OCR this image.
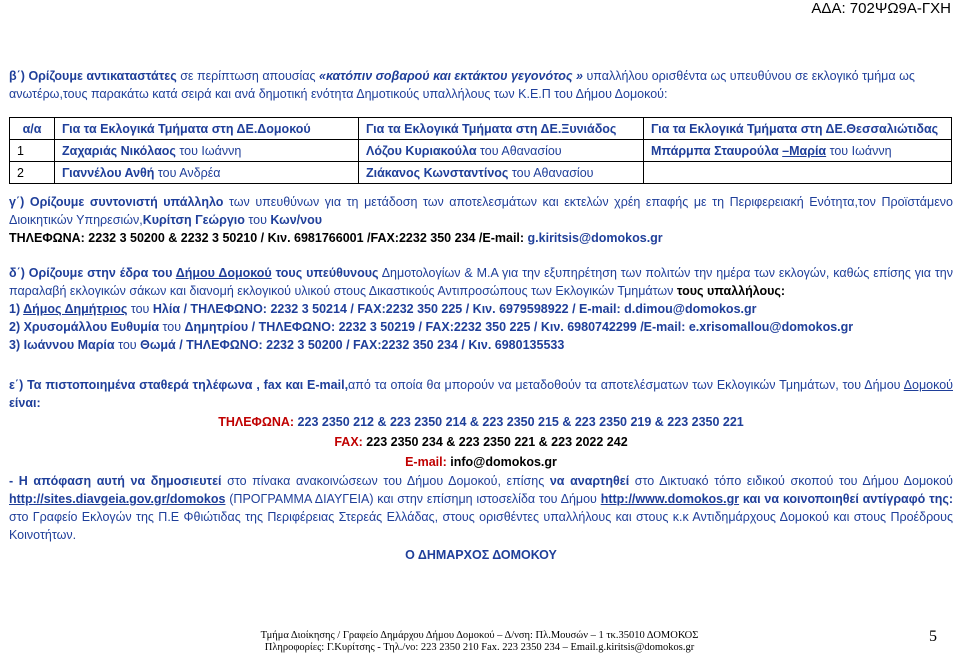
ΑΔΑ: 702ΨΩ9Α-ΓΧΗ

β΄) Ορίζουμε αντικαταστάτες σε περίπτωση απουσίας «κατόπιν σοβαρού και εκτάκτου γεγονότος » υπαλλήλου ορισθέντα ως υπευθύνου σε εκλογικό τμήμα ως ανωτέρω,τους παρακάτω κατά σειρά και ανά δημοτική ενότητα Δημοτικούς υπαλλήλους των Κ.Ε.Π του Δήμου Δομοκού:

α/α	Για τα Εκλογικά Τμήματα στη ΔΕ.Δομοκού	Για τα Εκλογικά Τμήματα στη ΔΕ.Ξυνιάδος	Για τα Εκλογικά Τμήματα στη ΔΕ.Θεσσαλιώτιδας
1	Ζαχαριάς Νικόλαος του Ιωάννη	Λόζου Κυριακούλα του Αθανασίου	Μπάρμπα Σταυρούλα –Μαρία του Ιωάννη
2	Γιαννέλου Ανθή του Ανδρέα	Ζιάκανος Κωνσταντίνος του Αθανασίου	

γ΄) Ορίζουμε συντονιστή υπάλληλο των υπευθύνων για τη μετάδοση των αποτελεσμάτων και εκτελών χρέη επαφής με τη Περιφερειακή Ενότητα,τον Προϊστάμενο Διοικητικών Υπηρεσιών,Κυρίτση Γεώργιο του Κων/νου
ΤΗΛΕΦΩΝΑ: 2232 3 50200 & 2232 3 50210 / Κιν. 6981766001 /FAX:2232 350 234 /E-mail: g.kiritsis@domokos.gr

δ΄) Ορίζουμε στην έδρα του Δήμου Δομοκού τους υπεύθυνους Δημοτολογίων & Μ.Α για την εξυπηρέτηση των πολιτών την ημέρα των εκλογών, καθώς επίσης για την παραλαβή εκλογικών σάκων και διανομή εκλογικού υλικού στους Δικαστικούς Αντιπροσώπους των Εκλογικών Τμημάτων τους υπαλλήλους:
1) Δήμος Δημήτριος του Ηλία / ΤΗΛΕΦΩΝΟ: 2232 3 50214 / FAX:2232 350 225 / Κιν. 6979598922 / E-mail: d.dimou@domokos.gr
2) Χρυσομάλλου Ευθυμία του Δημητρίου / ΤΗΛΕΦΩΝΟ: 2232 3 50219 / FAX:2232 350 225 / Κιν. 6980742299 /E-mail: e.xrisomallou@domokos.gr
3) Ιωάννου Μαρία του Θωμά / ΤΗΛΕΦΩΝΟ: 2232 3 50200 / FAX:2232 350 234 / Κιν. 6980135533

ε΄) Τα πιστοποιημένα σταθερά τηλέφωνα , fax και E-mail,από τα οποία θα μπορούν να μεταδοθούν τα αποτελέσματων των Εκλογικών Τμημάτων, του Δήμου Δομοκού είναι:

ΤΗΛΕΦΩΝΑ: 223 2350 212 & 223 2350 214 & 223 2350 215 & 223 2350 219 & 223 2350 221
FAX: 223 2350 234 & 223 2350 221 & 223 2022 242
E-mail: info@domokos.gr

- Η απόφαση αυτή να δημοσιευτεί στο πίνακα ανακοινώσεων του Δήμου Δομοκού, επίσης να αναρτηθεί στο Δικτυακό τόπο ειδικού σκοπού του Δήμου Δομοκού http://sites.diavgeia.gov.gr/domokos (ΠΡΟΓΡΑΜΜΑ ΔΙΑΥΓΕΙΑ) και στην επίσημη ιστοσελίδα του Δήμου http://www.domokos.gr και να κοινοποιηθεί αντίγραφό της: στο Γραφείο Εκλογών της Π.Ε Φθιώτιδας της Περιφέρειας Στερεάς Ελλάδας, στους ορισθέντες υπαλλήλους και στους κ.κ Αντιδημάρχους Δομοκού και στους Προέδρους Κοινοτήτων.

Ο ΔΗΜΑΡΧΟΣ ΔΟΜΟΚΟΥ

Τμήμα Διοίκησης / Γραφείο Δημάρχου Δήμου Δομοκού – Δ/νση: Πλ.Μουσών – 1 τκ.35010 ΔΟΜΟΚΟΣ
Πληροφορίες: Γ.Κυρίτσης - Τηλ./νο: 223 2350 210 Fax. 223 2350 234 – Email.g.kiritsis@domokos.gr
5
